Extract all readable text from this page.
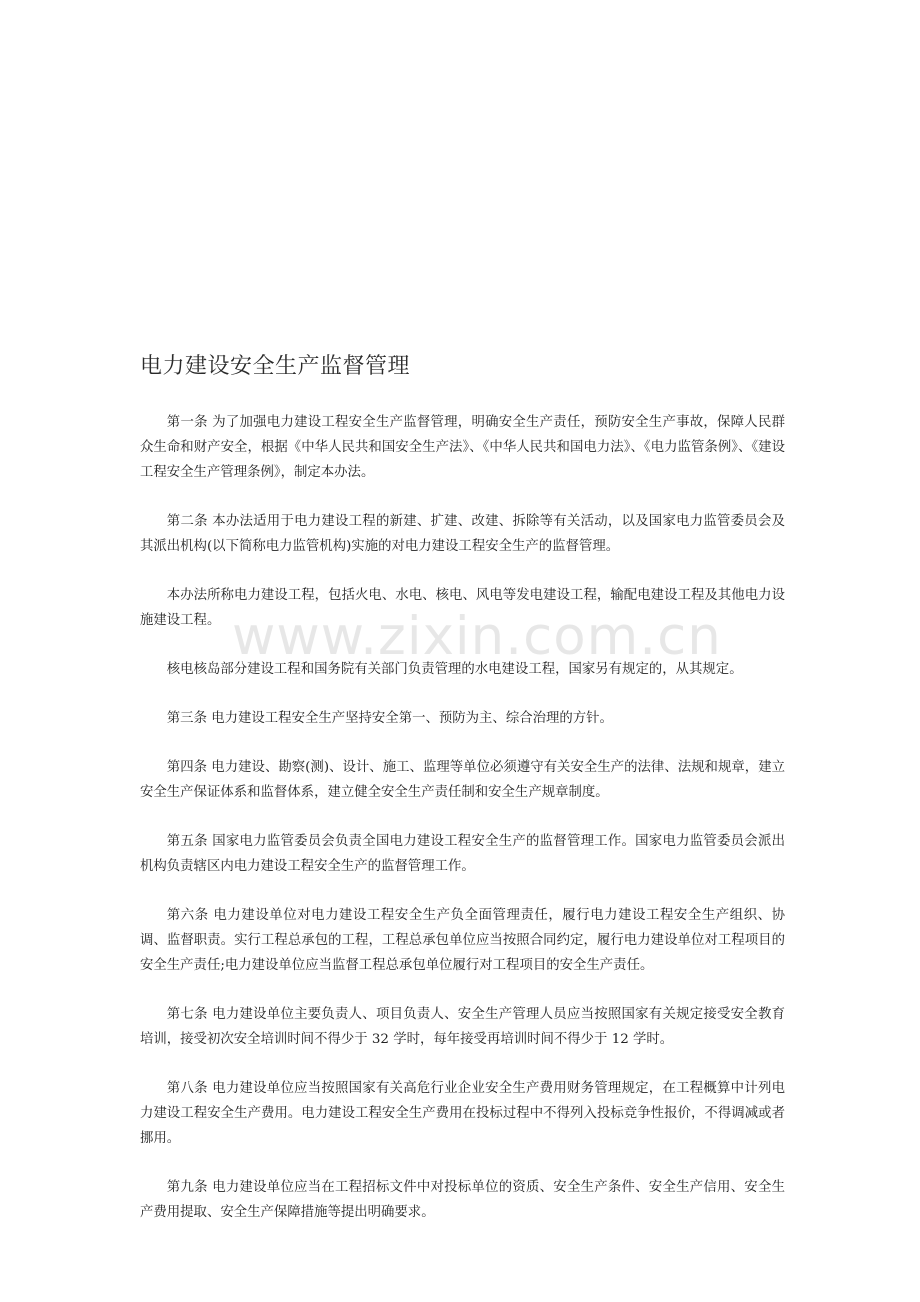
电力建设安全生产监督管理

第一条 为了加强电力建设工程安全生产监督管理，明确安全生产责任，预防安全生产事故，保障人民群众生命和财产安全，根据《中华人民共和国安全生产法》、《中华人民共和国电力法》、《电力监管条例》、《建设工程安全生产管理条例》，制定本办法。

第二条 本办法适用于电力建设工程的新建、扩建、改建、拆除等有关活动，以及国家电力监管委员会及其派出机构(以下简称电力监管机构)实施的对电力建设工程安全生产的监督管理。

本办法所称电力建设工程，包括火电、水电、核电、风电等发电建设工程，输配电建设工程及其他电力设施建设工程。

核电核岛部分建设工程和国务院有关部门负责管理的水电建设工程，国家另有规定的，从其规定。

第三条 电力建设工程安全生产坚持安全第一、预防为主、综合治理的方针。

第四条 电力建设、勘察(测)、设计、施工、监理等单位必须遵守有关安全生产的法律、法规和规章，建立安全生产保证体系和监督体系，建立健全安全生产责任制和安全生产规章制度。

第五条 国家电力监管委员会负责全国电力建设工程安全生产的监督管理工作。国家电力监管委员会派出机构负责辖区内电力建设工程安全生产的监督管理工作。

第六条 电力建设单位对电力建设工程安全生产负全面管理责任，履行电力建设工程安全生产组织、协调、监督职责。实行工程总承包的工程，工程总承包单位应当按照合同约定，履行电力建设单位对工程项目的安全生产责任;电力建设单位应当监督工程总承包单位履行对工程项目的安全生产责任。

第七条 电力建设单位主要负责人、项目负责人、安全生产管理人员应当按照国家有关规定接受安全教育培训，接受初次安全培训时间不得少于 32 学时，每年接受再培训时间不得少于 12 学时。

第八条 电力建设单位应当按照国家有关高危行业企业安全生产费用财务管理规定，在工程概算中计列电力建设工程安全生产费用。电力建设工程安全生产费用在投标过程中不得列入投标竞争性报价，不得调减或者挪用。

第九条 电力建设单位应当在工程招标文件中对投标单位的资质、安全生产条件、安全生产信用、安全生产费用提取、安全生产保障措施等提出明确要求。

www.zixin.com.cn
